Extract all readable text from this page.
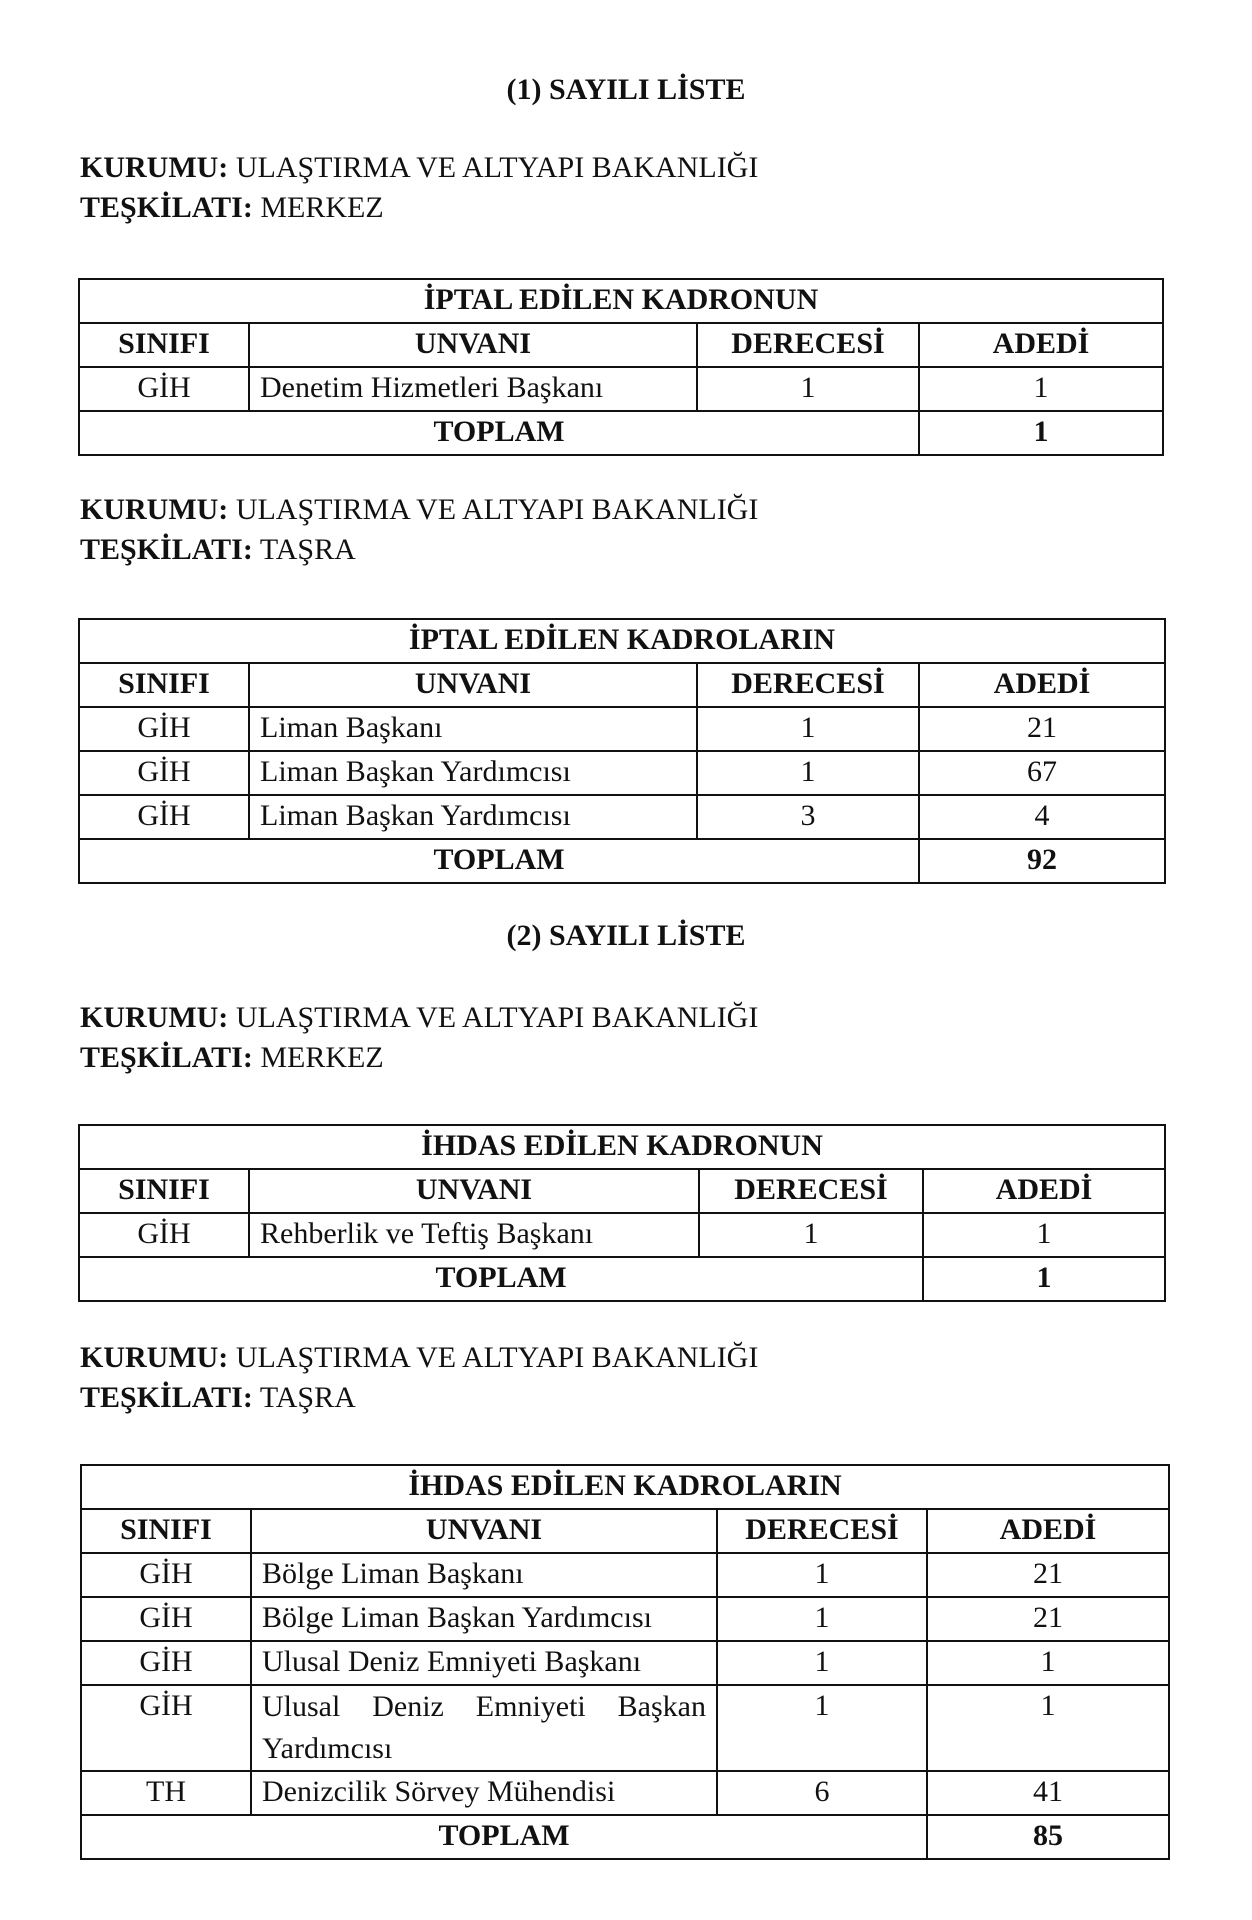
(1) SAYILI LİSTE
KURUMU: ULAŞTIRMA VE ALTYAPI BAKANLIĞI
TEŞKİLATI: MERKEZ
İPTAL EDİLEN KADRONUN			
SINIFI	UNVANI	DERECESİ	ADEDİ
GİH	Denetim Hizmetleri Başkanı	1	1
TOPLAM			1
KURUMU: ULAŞTIRMA VE ALTYAPI BAKANLIĞI
TEŞKİLATI: TAŞRA
İPTAL EDİLEN KADROLARIN			
SINIFI	UNVANI	DERECESİ	ADEDİ
GİH	Liman Başkanı	1	21
GİH	Liman Başkan Yardımcısı	1	67
GİH	Liman Başkan Yardımcısı	3	4
TOPLAM			92
(2) SAYILI LİSTE
KURUMU: ULAŞTIRMA VE ALTYAPI BAKANLIĞI
TEŞKİLATI: MERKEZ
İHDAS EDİLEN KADRONUN			
SINIFI	UNVANI	DERECESİ	ADEDİ
GİH	Rehberlik ve Teftiş Başkanı	1	1
TOPLAM			1
KURUMU: ULAŞTIRMA VE ALTYAPI BAKANLIĞI
TEŞKİLATI: TAŞRA
İHDAS EDİLEN KADROLARIN			
SINIFI	UNVANI	DERECESİ	ADEDİ
GİH	Bölge Liman Başkanı	1	21
GİH	Bölge Liman Başkan Yardımcısı	1	21
GİH	Ulusal Deniz Emniyeti Başkanı	1	1
GİH	Ulusal Deniz Emniyeti Başkan Yardımcısı	1	1
TH	Denizcilik Sörvey Mühendisi	6	41
TOPLAM			85
